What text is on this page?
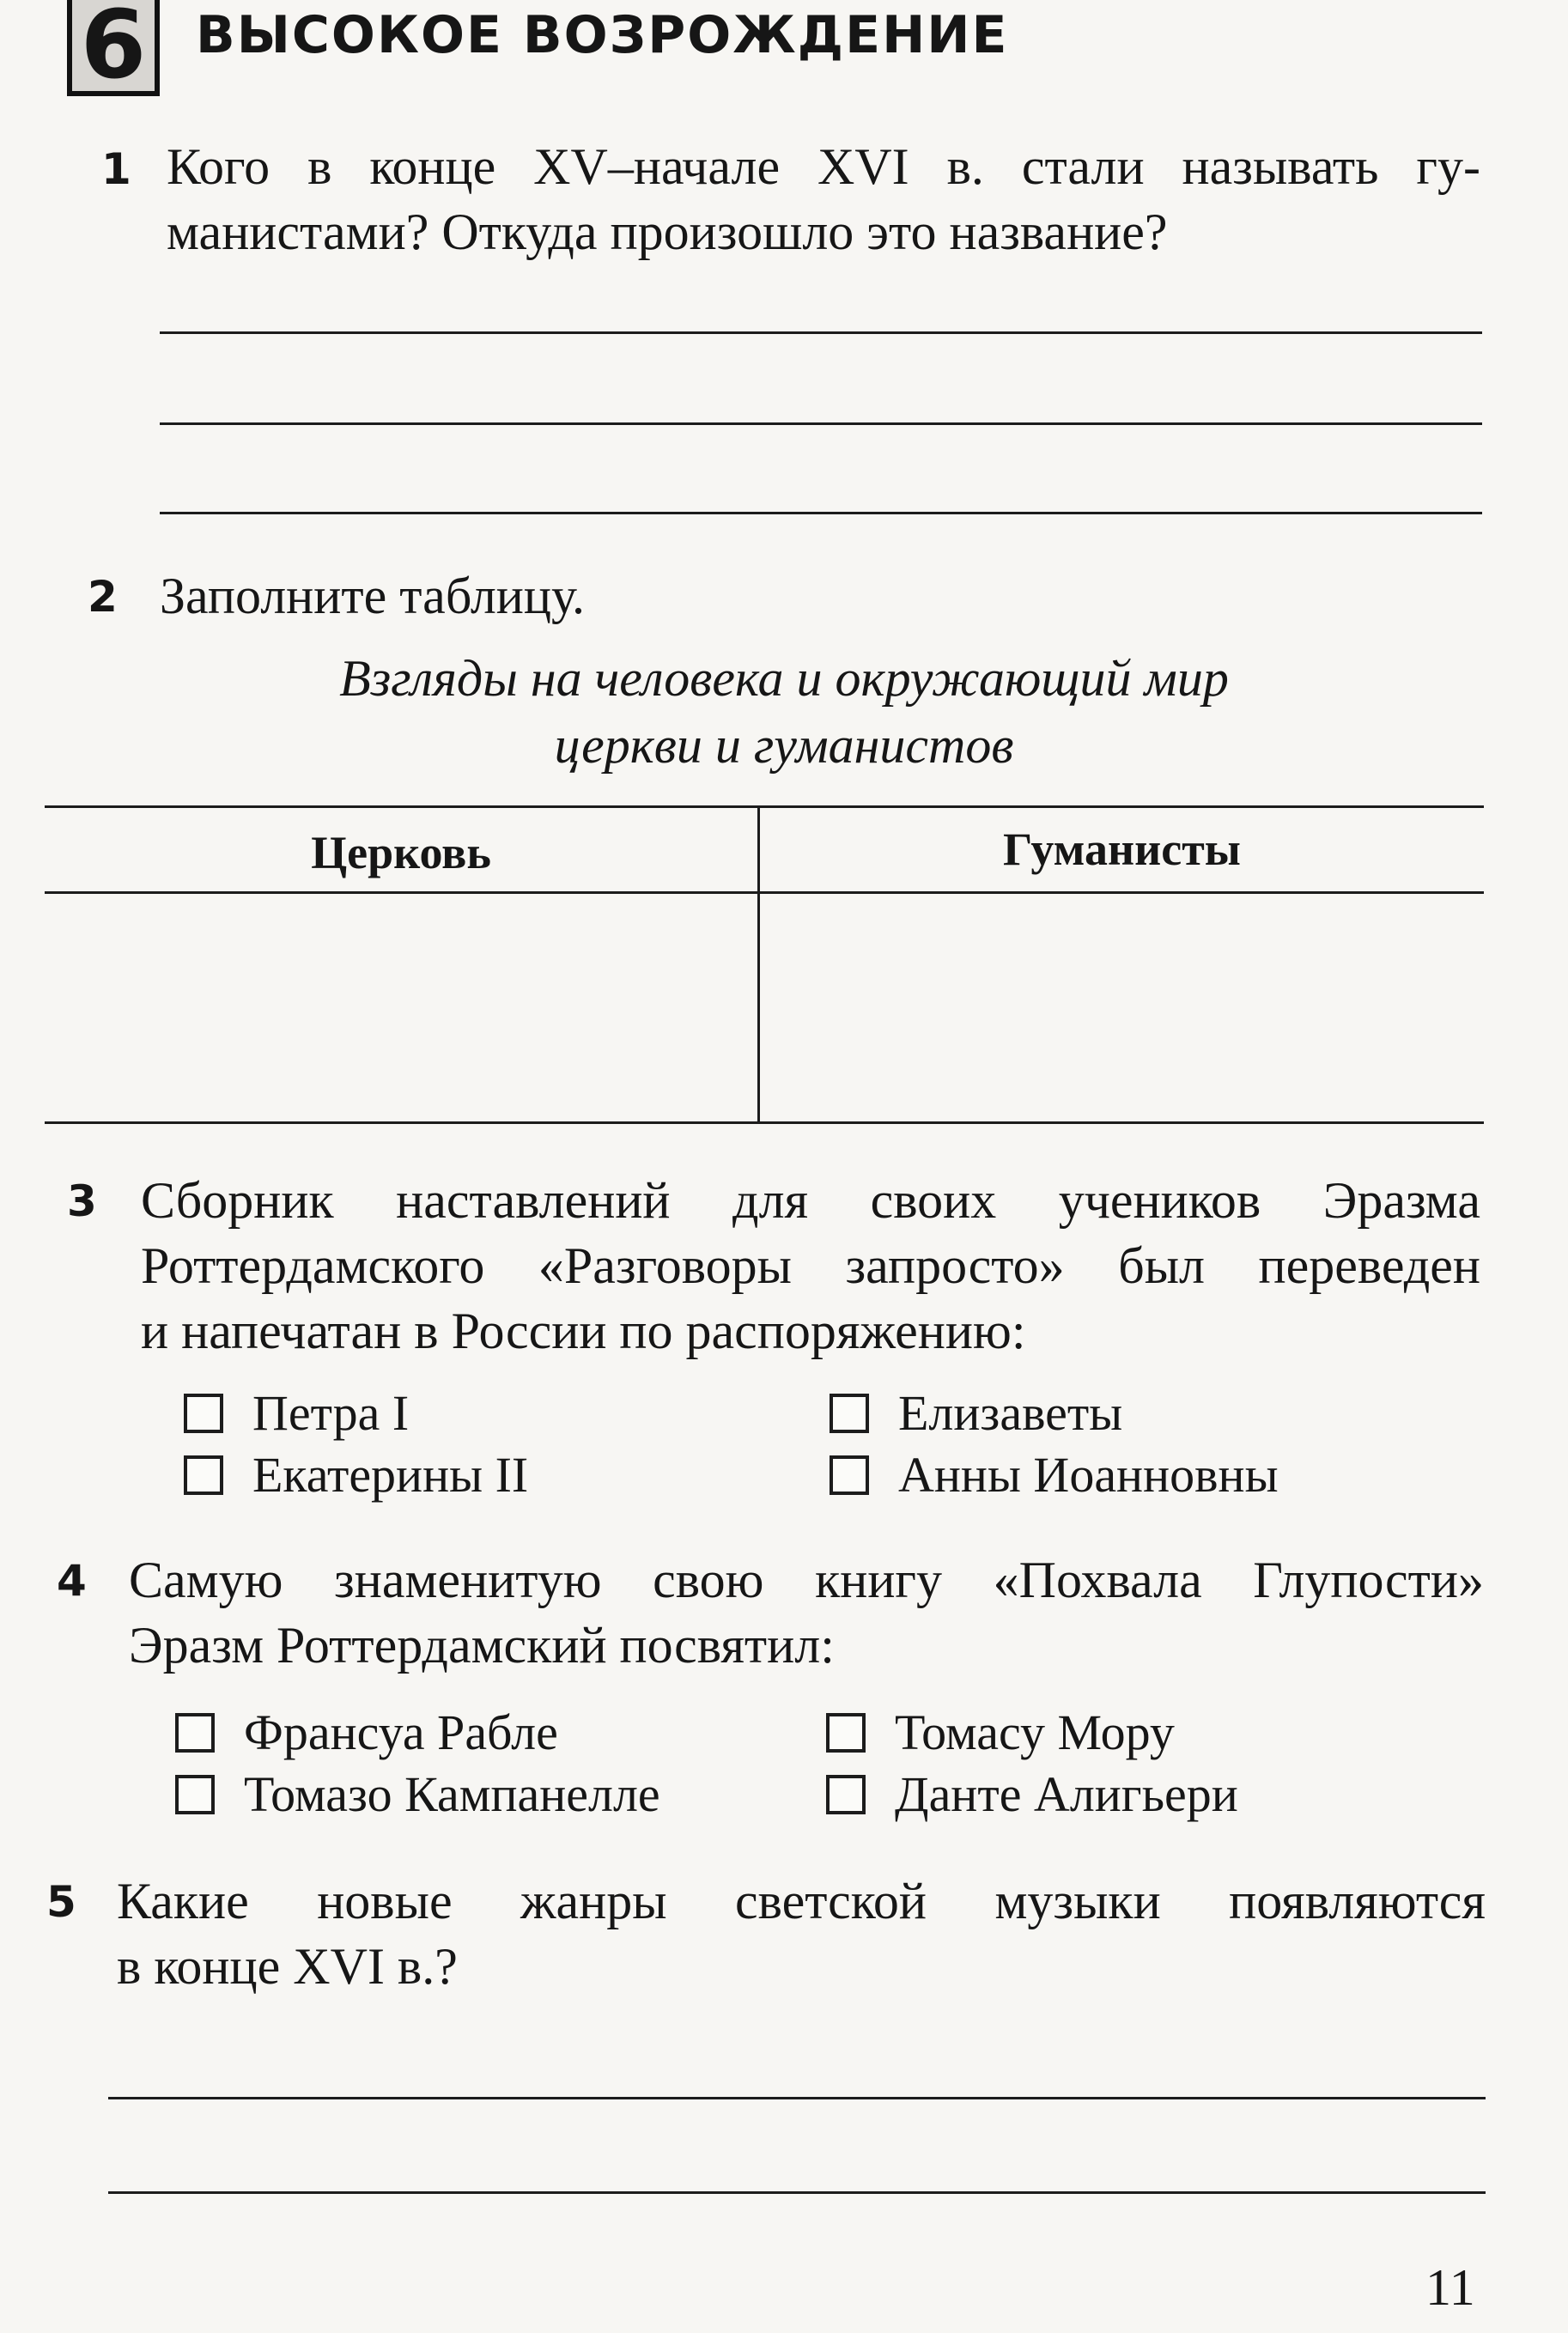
6 ВЫСОКОЕ ВОЗРОЖДЕНИЕ
1 Кого в конце XV–начале XVI в. стали называть гу-
манистами? Откуда произошло это название?
2 Заполните таблицу.
Взгляды на человека и окружающий мир
церкви и гуманистов
Церковь	Гуманисты
3 Сборник наставлений для своих учеников Эразма
Роттердамского «Разговоры запросто» был переведен
и напечатан в России по распоряжению:
Петра I	Елизаветы
Екатерины II	Анны Иоанновны
4 Самую знаменитую свою книгу «Похвала Глупости»
Эразм Роттердамский посвятил:
Франсуа Рабле	Томасу Мору
Томазо Кампанелле	Данте Алигьери
5 Какие новые жанры светской музыки появляются
в конце XVI в.?
11
